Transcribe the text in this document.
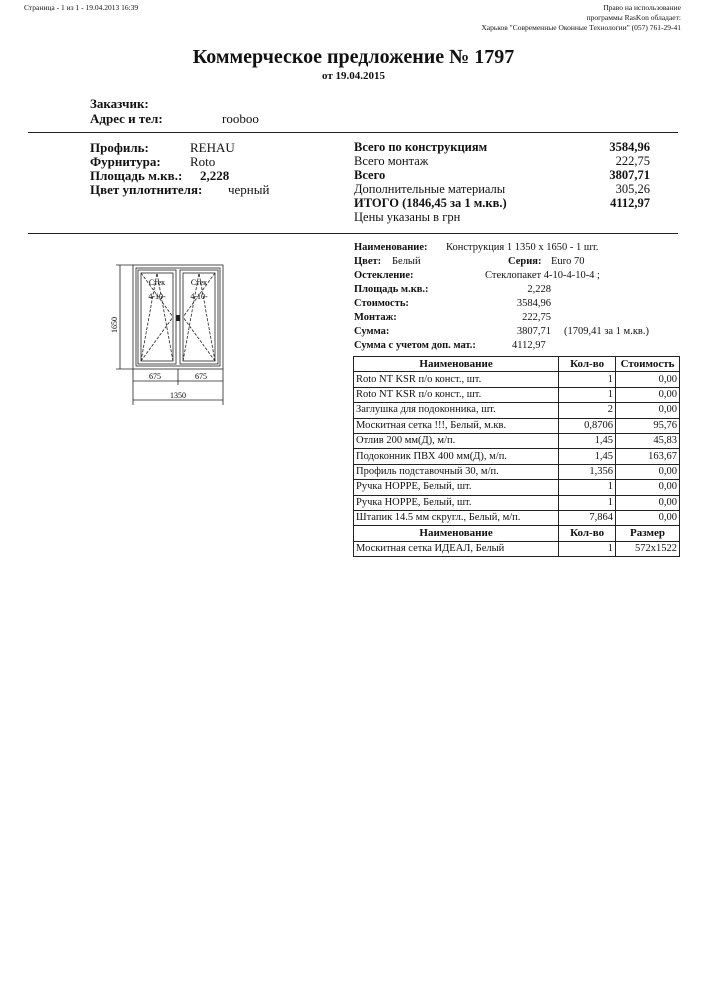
Страница - 1 из 1 - 19.04.2013 16:39	Право на использование
программы RasKon обладает:
Харьков "Современные Оконные Технологии" (057) 761-29-41
Коммерческое предложение № 1797
от 19.04.2015
Заказчик:
Адрес и тел:	rooboo
Профиль:	REHAU
Фурнитура: Roto
Площадь м.кв.: 2,228
Цвет уплотнителя: черный
Всего по конструкциям	3584,96
Всего монтаж	222,75
Всего	3807,71
Дополнительные материалы	305,26
ИТОГО (1846,45 за 1 м.кв.)	4112,97
Цены указаны в грн
1650
675	675
1350
Стек
4-10-
Стек
4-10-
Наименование: Конструкция 1 1350 x 1650 - 1 шт.
Цвет: Белый	Серия: Euro 70
Остекление:	Стеклопакет 4-10-4-10-4 ;
Площадь м.кв.:	2,228
Стоимость:	3584,96
Монтаж:	222,75
Сумма:	3807,71 (1709,41 за 1 м.кв.)
Сумма с учетом доп. мат.:	4112,97
Наименование	Кол-во	Стоимость
Roto NT KSR п/о конст., шт.	1	0,00
Roto NT KSR п/о конст., шт.	1	0,00
Заглушка для подоконника, шт.	2	0,00
Москитная сетка !!!, Белый, м.кв.	0,8706	95,76
Отлив 200 мм(Д), м/п.	1,45	45,83
Подоконник ПВХ 400 мм(Д), м/п.	1,45	163,67
Профиль подставочный 30, м/п.	1,356	0,00
Ручка HOPPE, Белый, шт.	1	0,00
Ручка HOPPE, Белый, шт.	1	0,00
Штапик 14.5 мм скругл., Белый, м/п.	7,864	0,00
Наименование	Кол-во	Размер
Москитная сетка ИДЕАЛ, Белый	1	572x1522
